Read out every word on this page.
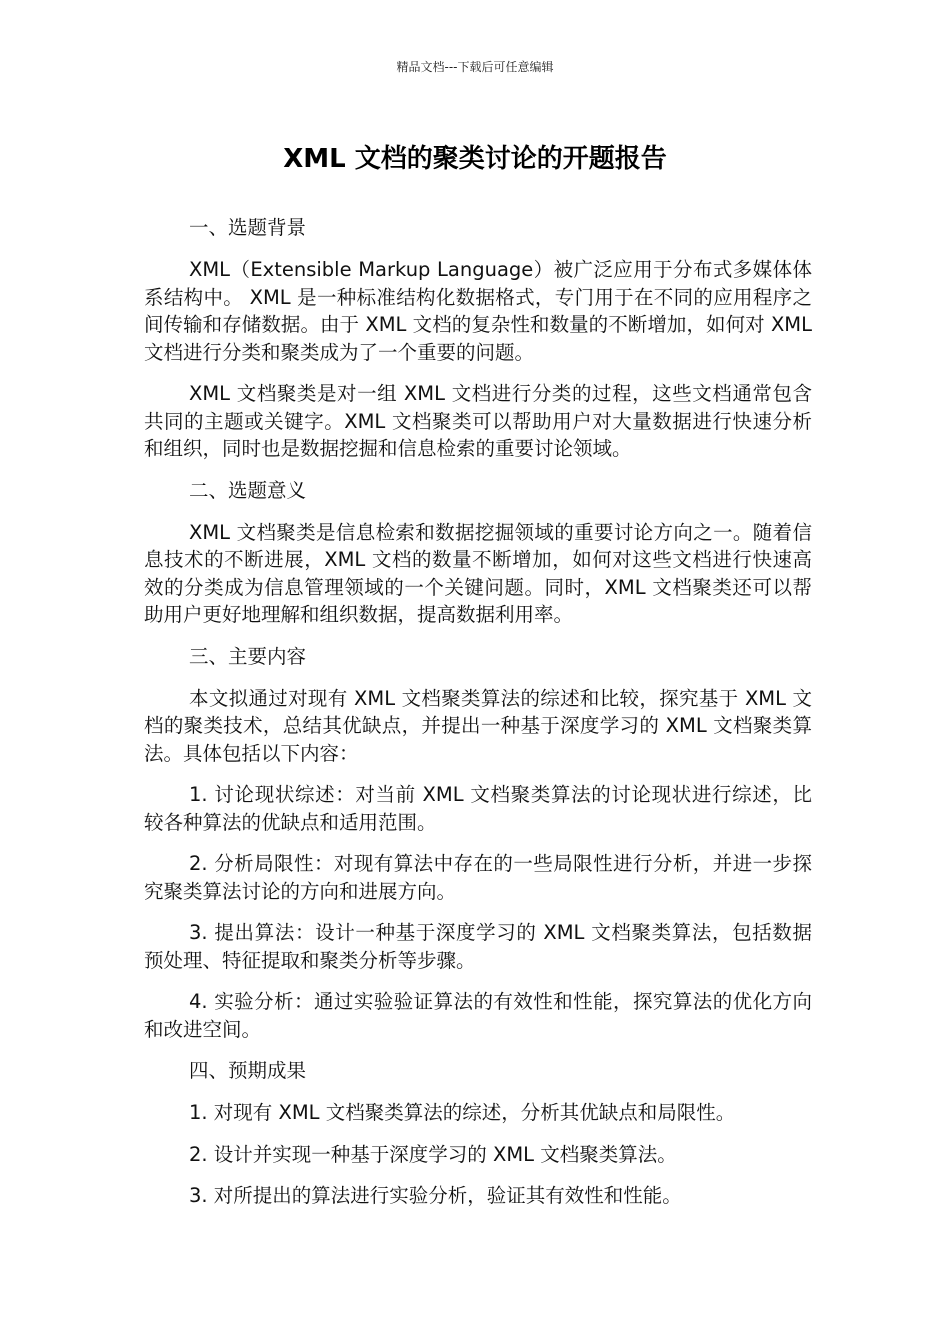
精品文档---下载后可任意编辑
XML 文档的聚类讨论的开题报告

一、选题背景

XML（Extensible Markup Language）被广泛应用于分布式多媒体体系结构中。 XML 是一种标准结构化数据格式，专门用于在不同的应用程序之间传输和存储数据。由于 XML 文档的复杂性和数量的不断增加，如何对 XML 文档进行分类和聚类成为了一个重要的问题。

XML 文档聚类是对一组 XML 文档进行分类的过程，这些文档通常包含共同的主题或关键字。XML 文档聚类可以帮助用户对大量数据进行快速分析和组织，同时也是数据挖掘和信息检索的重要讨论领域。

二、选题意义

XML 文档聚类是信息检索和数据挖掘领域的重要讨论方向之一。随着信息技术的不断进展，XML 文档的数量不断增加，如何对这些文档进行快速高效的分类成为信息管理领域的一个关键问题。同时，XML 文档聚类还可以帮助用户更好地理解和组织数据，提高数据利用率。

三、主要内容

本文拟通过对现有 XML 文档聚类算法的综述和比较，探究基于 XML 文档的聚类技术，总结其优缺点，并提出一种基于深度学习的 XML 文档聚类算法。具体包括以下内容：

1. 讨论现状综述：对当前 XML 文档聚类算法的讨论现状进行综述，比较各种算法的优缺点和适用范围。

2. 分析局限性：对现有算法中存在的一些局限性进行分析，并进一步探究聚类算法讨论的方向和进展方向。

3. 提出算法：设计一种基于深度学习的 XML 文档聚类算法，包括数据预处理、特征提取和聚类分析等步骤。

4. 实验分析：通过实验验证算法的有效性和性能，探究算法的优化方向和改进空间。

四、预期成果

1. 对现有 XML 文档聚类算法的综述，分析其优缺点和局限性。

2. 设计并实现一种基于深度学习的 XML 文档聚类算法。

3. 对所提出的算法进行实验分析，验证其有效性和性能。
